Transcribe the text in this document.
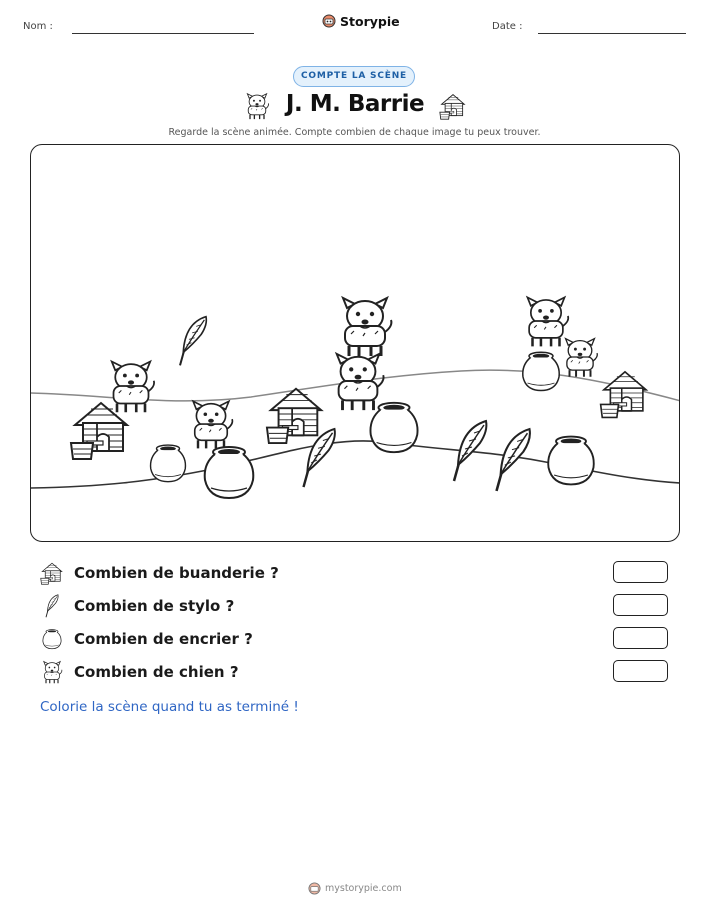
Nom :	Storypie	Date :
COMPTE LA SCÈNE
J. M. Barrie
Regarde la scène animée. Compte combien de chaque image tu peux trouver.
Combien de buanderie ?
Combien de stylo ?
Combien de encrier ?
Combien de chien ?
Colorie la scène quand tu as terminé !
mystorypie.com
